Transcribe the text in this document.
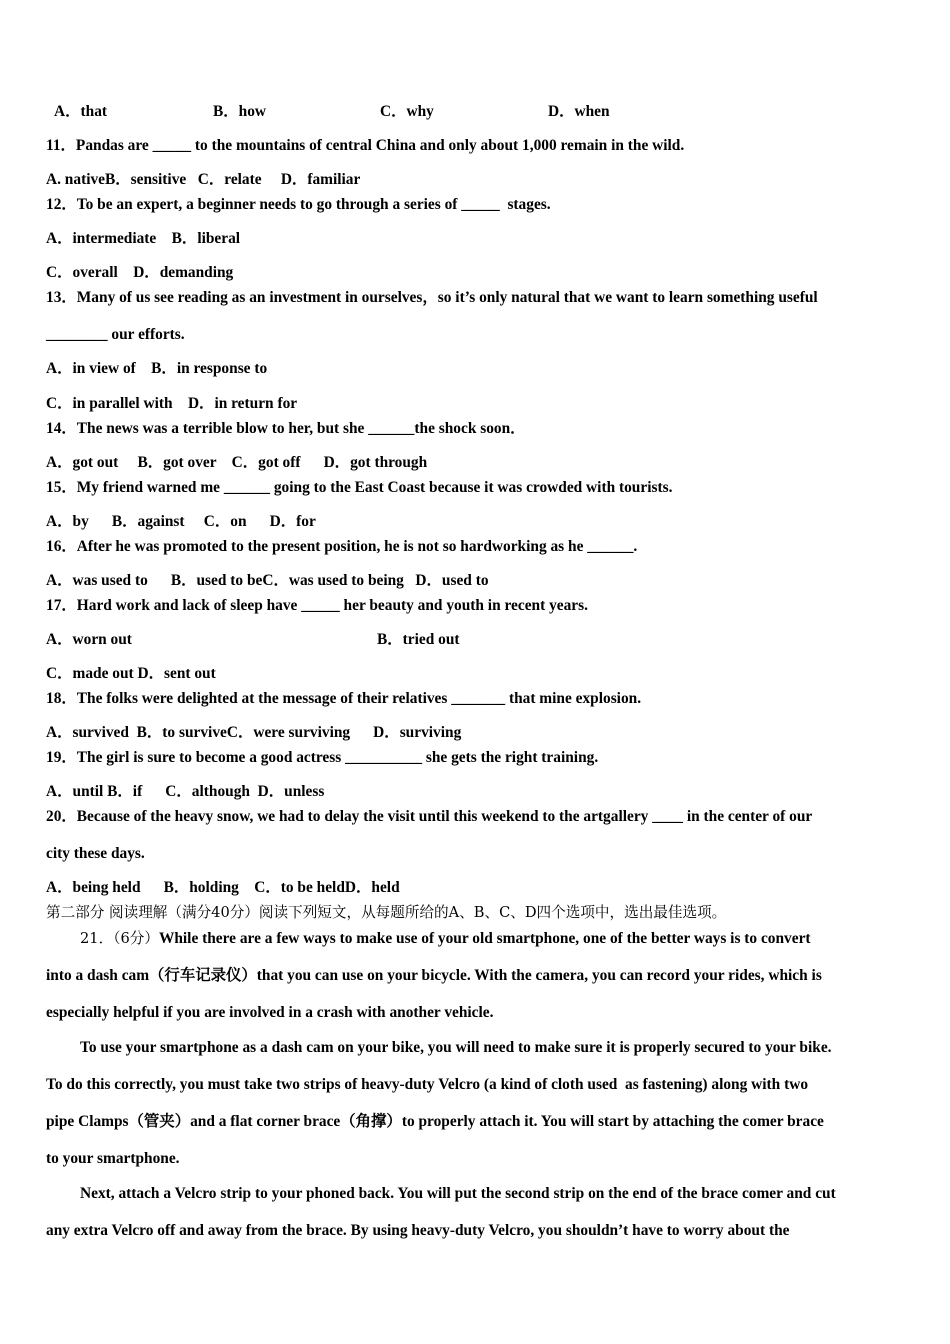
A．that	B．how	C．why	D．when
11．Pandas are _____ to the mountains of central China and only about 1,000 remain in the wild.
A. nativeB．sensitive   C．relate     D．familiar
12．To be an expert, a beginner needs to go through a series of _____  stages.
A．intermediate    B．liberal
C．overall    D．demanding
13．Many of us see reading as an investment in ourselves，so it’s only natural that we want to learn something useful
________ our efforts.
A．in view of    B．in response to
C．in parallel with    D．in return for
14．The news was a terrible blow to her, but she ______the shock soon．
A．got out     B．got over    C．got off      D．got through
15．My friend warned me ______ going to the East Coast because it was crowded with tourists.
A．by      B．against     C．on      D．for
16．After he was promoted to the present position, he is not so hardworking as he ______.
A．was used to      B．used to beC．was used to being   D．used to
17．Hard work and lack of sleep have _____ her beauty and youth in recent years.
A．worn out	B．tried out
C．made out D．sent out
18．The folks were delighted at the message of their relatives _______ that mine explosion.
A．survived  B．to surviveC．were surviving      D．surviving
19．The girl is sure to become a good actress __________ she gets the right training.
A．until B．if      C．although  D．unless
20．Because of the heavy snow, we had to delay the visit until this weekend to the artgallery ____ in the center of our
city these days.
A．being held      B．holding    C．to be heldD．held
第二部分 阅读理解（满分40分）阅读下列短文，从每题所给的A、B、C、D四个选项中，选出最佳选项。
21．（6分）While there are a few ways to make use of your old smartphone, one of the better ways is to convert
into a dash cam（行车记录仪）that you can use on your bicycle. With the camera, you can record your rides, which is
especially helpful if you are involved in a crash with another vehicle.
To use your smartphone as a dash cam on your bike, you will need to make sure it is properly secured to your bike.
To do this correctly, you must take two strips of heavy-duty Velcro (a kind of cloth used  as fastening) along with two
pipe Clamps（管夹）and a flat corner brace（角撑）to properly attach it. You will start by attaching the comer brace
to your smartphone.
Next, attach a Velcro strip to your phoned back. You will put the second strip on the end of the brace comer and cut
any extra Velcro off and away from the brace. By using heavy-duty Velcro, you shouldn’t have to worry about the
